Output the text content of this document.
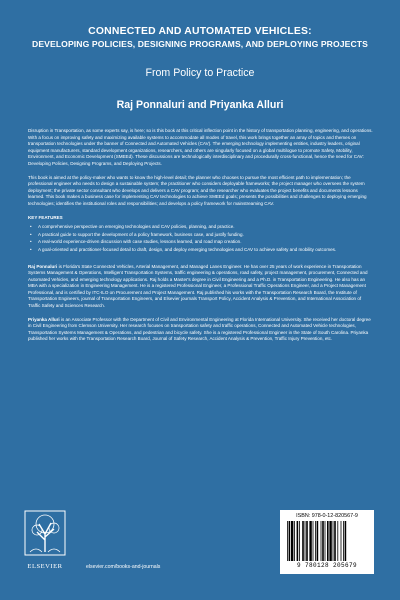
CONNECTED AND AUTOMATED VEHICLES:
DEVELOPING POLICIES, DESIGNING PROGRAMS, AND DEPLOYING PROJECTS
From Policy to Practice
Raj Ponnaluri and Priyanka Alluri

Disruption in Transportation, as some experts say, is here; so is this book at this critical inflection point in the history of transportation planning, engineering, and operations. With a focus on improving safety and maximizing available systems to accommodate all modes of travel, this work brings together an array of topics and themes on transportation technologies under the banner of Connected and Automated Vehicles (CAV). The emerging technology implementing entities, industry leaders, original equipment manufacturers, standard development organizations, researchers, and others are singularly focused on a global multilogue to promote Safety, Mobility, Environment, and Economic Development (SMEEd). These discussions are technologically interdisciplinary and procedurally cross-functional, hence the need for CAV: Developing Policies, Designing Programs, and Deploying Projects.

This book is aimed at the policy-maker who wants to know the high-level detail; the planner who chooses to pursue the most efficient path to implementation; the professional engineer who needs to design a sustainable system; the practitioner who considers deployable frameworks; the project manager who oversees the system deployment; the private sector consultant who develops and delivers a CAV program; and the researcher who evaluates the project benefits and documents lessons learned. This book makes a business case for implementing CAV technologies to achieve SMEEd goals; presents the possibilities and challenges to deploying emerging technologies; identifies the institutional roles and responsibilities; and develops a policy framework for mainstreaming CAV.

KEY FEATURES
• A comprehensive perspective on emerging technologies and CAV policies, planning, and practice.
• A practical guide to support the development of a policy framework, business case, and justify funding.
• A real-world experience-driven discussion with case studies, lessons learned, and road map creation.
• A goal-oriented and practitioner-focused detail to draft, design, and deploy emerging technologies and CAV to achieve safety and mobility outcomes.

Raj Ponnaluri is Florida's State Connected Vehicles, Arterial Management, and Managed Lanes Engineer. He has over 25 years of work experience in Transportation Systems Management & Operations, Intelligent Transportation Systems, traffic engineering & operations, road safety, project management, procurement, Connected and Automated Vehicles, and emerging technology applications. Raj holds a Master's degree in Civil Engineering and a Ph.D. in Transportation Engineering. He also has an MBA with a specialization in Engineering Management. He is a registered Professional Engineer, a Professional Traffic Operations Engineer, and a Project Management Professional, and is certified by ITC-ILO on Procurement and Project Management. Raj published his works with the Transportation Research Board, the Institute of Transportation Engineers, journal of Transportation Engineers, and Elsevier journals Transport Policy, Accident Analysis & Prevention, and International Association of Traffic Safety and Sciences Research.

Priyanka Alluri is an Associate Professor with the Department of Civil and Environmental Engineering at Florida International University. She received her doctoral degree in Civil Engineering from Clemson University. Her research focuses on transportation safety and traffic operations, Connected and Automated Vehicle technologies, Transportation Systems Management & Operations, and pedestrian and bicycle safety. She is a registered Professional Engineer in the State of South Carolina. Priyanka published her works with the Transportation Research Board, Journal of Safety Research, Accident Analysis & Prevention, Traffic Injury Prevention, etc.

ELSEVIER	elsevier.com/books-and-journals
ISBN: 978-0-12-820567-9
9 780128 205679
